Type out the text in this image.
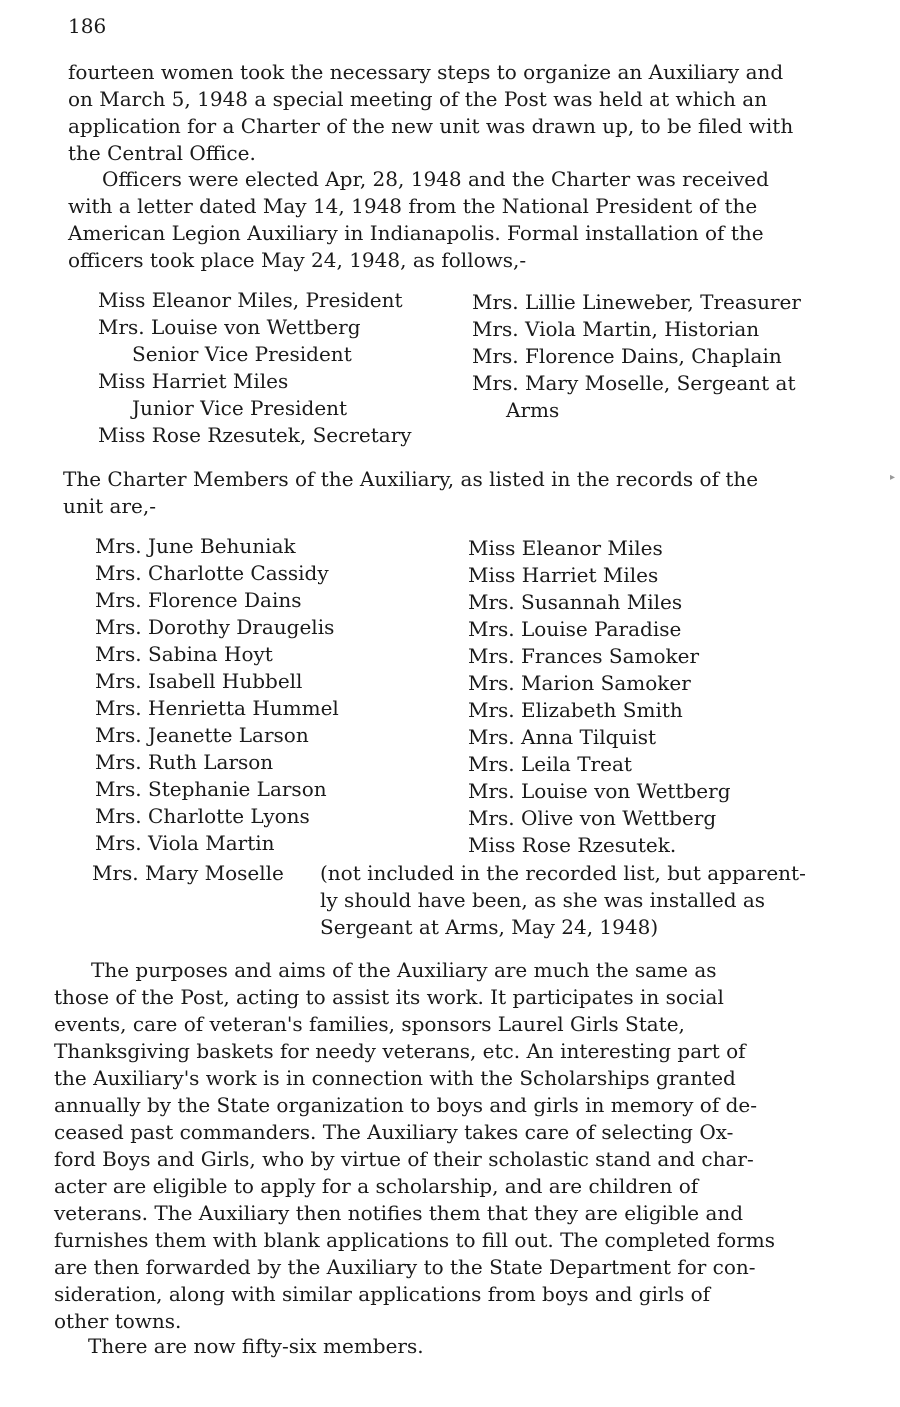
186
fourteen women took the necessary steps to organize an Auxiliary and
on March 5, 1948 a special meeting of the Post was held at which an
application for a Charter of the new unit was drawn up, to be filed with
the Central Office.
Officers were elected Apr, 28, 1948 and the Charter was received
with a letter dated May 14, 1948 from the National President of the
American Legion Auxiliary in Indianapolis. Formal installation of the
officers took place May 24, 1948, as follows,-
Miss Eleanor Miles, President
Mrs. Louise von Wettberg
Senior Vice President
Miss Harriet Miles
Junior Vice President
Miss Rose Rzesutek, Secretary
Mrs. Lillie Lineweber, Treasurer
Mrs. Viola Martin, Historian
Mrs. Florence Dains, Chaplain
Mrs. Mary Moselle, Sergeant at
Arms
The Charter Members of the Auxiliary, as listed in the records of the
unit are,-
▸
Mrs. June Behuniak
Mrs. Charlotte Cassidy
Mrs. Florence Dains
Mrs. Dorothy Draugelis
Mrs. Sabina Hoyt
Mrs. Isabell Hubbell
Mrs. Henrietta Hummel
Mrs. Jeanette Larson
Mrs. Ruth Larson
Mrs. Stephanie Larson
Mrs. Charlotte Lyons
Mrs. Viola Martin
Miss Eleanor Miles
Miss Harriet Miles
Mrs. Susannah Miles
Mrs. Louise Paradise
Mrs. Frances Samoker
Mrs. Marion Samoker
Mrs. Elizabeth Smith
Mrs. Anna Tilquist
Mrs. Leila Treat
Mrs. Louise von Wettberg
Mrs. Olive von Wettberg
Miss Rose Rzesutek.
Mrs. Mary Moselle (not included in the recorded list, but apparent-
ly should have been, as she was installed as
Sergeant at Arms, May 24, 1948)
The purposes and aims of the Auxiliary are much the same as
those of the Post, acting to assist its work. It participates in social
events, care of veteran's families, sponsors Laurel Girls State,
Thanksgiving baskets for needy veterans, etc. An interesting part of
the Auxiliary's work is in connection with the Scholarships granted
annually by the State organization to boys and girls in memory of de-
ceased past commanders. The Auxiliary takes care of selecting Ox-
ford Boys and Girls, who by virtue of their scholastic stand and char-
acter are eligible to apply for a scholarship, and are children of
veterans. The Auxiliary then notifies them that they are eligible and
furnishes them with blank applications to fill out. The completed forms
are then forwarded by the Auxiliary to the State Department for con-
sideration, along with similar applications from boys and girls of
other towns.
There are now fifty-six members.
